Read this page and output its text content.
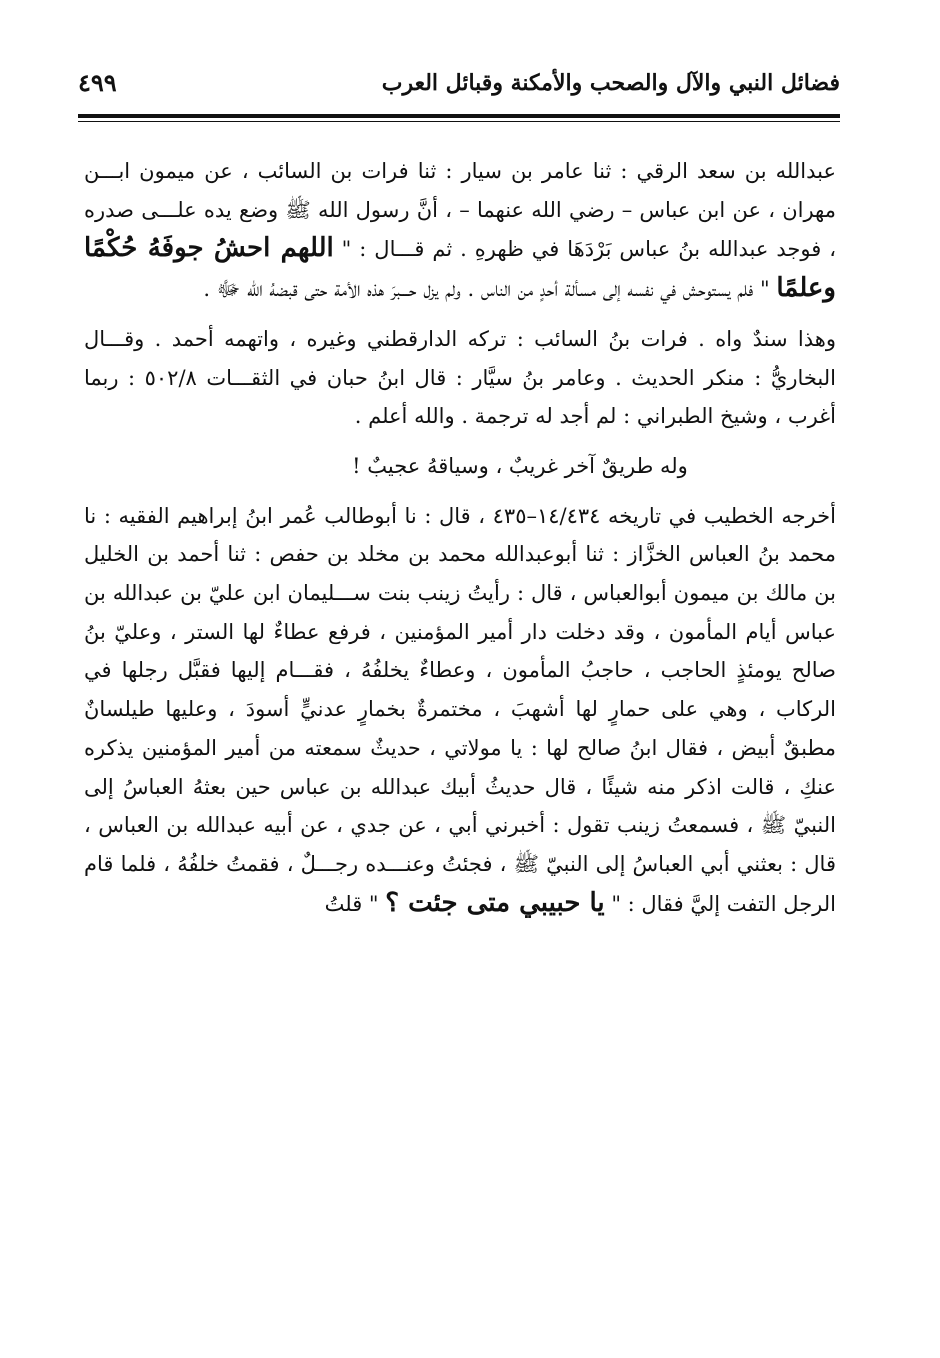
فضائل النبي والآل والصحب والأمكنة وقبائل العرب
٤٩٩

عبدالله بن سعد الرقي : ثنا عامر بن سيار : ثنا فرات بن السائب ، عن ميمون ابـــن مهران ، عن ابن عباس – رضي الله عنهما – ، أنَّ رسول الله ﷺ وضع يده علـــى صدره ، فوجد عبدالله بنُ عباس بَرْدَهَا في ظهرهِ . ثم قـــال : " اللهم احشُ جوفَهُ حُكْمًا وعلمًا " فلم يستوحش في نفسه إلى مسألة أحدٍ من الناس . ولم يزل حـــبرَ هذه الأمة حتى قبضهُ الله ﷻ .

وهذا سندٌ واه . فرات بنُ السائب : تركه الدارقطني وغيره ، واتهمه أحمد . وقـــال البخاريُّ : منكر الحديث . وعامر بنُ سيَّار : قال ابنُ حبان في الثقـــات ٥٠٢/٨ : ربما أغرب ، وشيخ الطبراني : لم أجد له ترجمة . والله أعلم .

وله طريقٌ آخر غريبٌ ، وسياقهُ عجيبٌ !

أخرجه الخطيب في تاريخه ١٤/٤٣٤–٤٣٥ ، قال : نا أبوطالب عُمر ابنُ إبراهيم الفقيه : نا محمد بنُ العباس الخزَّاز : ثنا أبوعبدالله محمد بن مخلد بن حفص : ثنا أحمد بن الخليل بن مالك بن ميمون أبوالعباس ، قال : رأيتُ زينب بنت ســـليمان ابن عليّ بن عبدالله بن عباس أيام المأمون ، وقد دخلت دار أمير المؤمنين ، فرفع عطاءٌ لها الستر ، وعليّ بنُ صالح يومئذٍ الحاجب ، حاجبُ المأمون ، وعطاءٌ يخلفُهُ ، فقـــام إليها فقبَّل رجلها في الركاب ، وهي على حمارٍ لها أشهبَ ، مختمرةٌ بخمارٍ عدنيٍّ أسودَ ، وعليها طيلسانٌ مطبقٌ أبيض ، فقال ابنُ صالح لها : يا مولاتي ، حديثٌ سمعته من أمير المؤمنين يذكره عنكِ ، قالت اذكر منه شيئًا ، قال حديثُ أبيك عبدالله بن عباس حين بعثهُ العباسُ إلى النبيّ ﷺ ، فسمعتُ زينب تقول : أخبرني أبي ، عن جدي ، عن أبيه عبدالله بن العباس ، قال : بعثني أبي العباسُ إلى النبيّ ﷺ ، فجئتُ وعنـــده رجـــلٌ ، فقمتُ خلفُهُ ، فلما قام الرجل التفت إليَّ فقال : " يا حبيبي متى جئت ؟ " قلتُ
